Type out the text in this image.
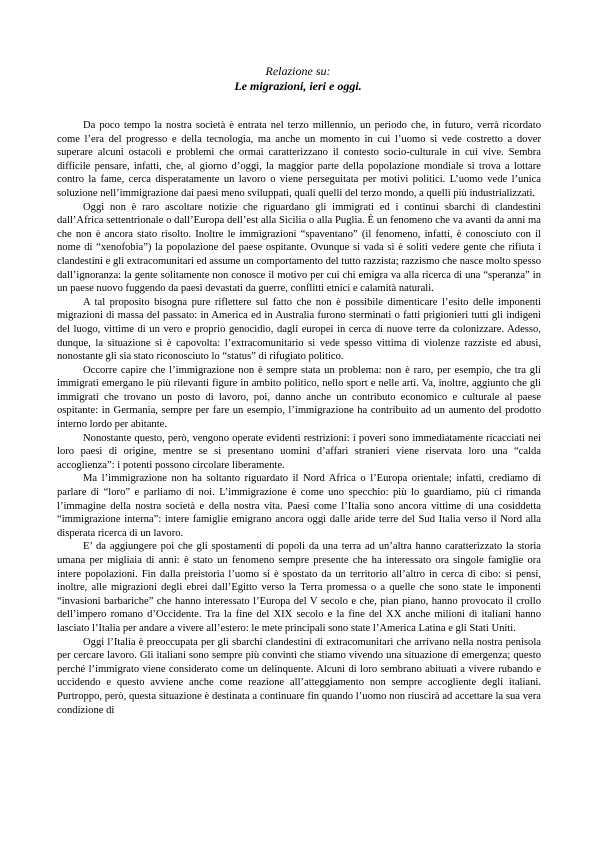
Relazione su:
Le migrazioni, ieri e oggi.

Da poco tempo la nostra società è entrata nel terzo millennio, un periodo che, in futuro, verrà ricordato come l’era del progresso e della tecnologia, ma anche un momento in cui l’uomo si vede costretto a dover superare alcuni ostacoli e problemi che ormai caratterizzano il contesto socio-culturale in cui vive. Sembra difficile pensare, infatti, che, al giorno d’oggi, la maggior parte della popolazione mondiale si trova a lottare contro la fame, cerca disperatamente un lavoro o viene perseguitata per motivi politici. L’uomo vede l’unica soluzione nell’immigrazione dai paesi meno sviluppati, quali quelli del terzo mondo, a quelli più industrializzati.

Oggi non è raro ascoltare notizie che riguardano gli immigrati ed i continui sbarchi di clandestini dall’Africa settentrionale o dall’Europa dell’est alla Sicilia o alla Puglia. È un fenomeno che va avanti da anni ma che non è ancora stato risolto. Inoltre le immigrazioni “spaventano” (il fenomeno, infatti, è conosciuto con il nome di “xenofobia”) la popolazione del paese ospitante. Ovunque si vada si è soliti vedere gente che rifiuta i clandestini e gli extracomunitari ed assume un comportamento del tutto razzista; razzismo che nasce molto spesso dall’ignoranza: la gente solitamente non conosce il motivo per cui chi emigra va alla ricerca di una “speranza” in un paese nuovo fuggendo da paesi devastati da guerre, conflitti etnici e calamità naturali.

A tal proposito bisogna pure riflettere sul fatto che non è possibile dimenticare l’esito delle imponenti migrazioni di massa del passato: in America ed in Australia furono sterminati o fatti prigionieri tutti gli indigeni del luogo, vittime di un vero e proprio genocidio, dagli europei in cerca di nuove terre da colonizzare. Adesso, dunque, la situazione si è capovolta: l’extracomunitario si vede spesso vittima di violenze razziste ed abusi, nonostante gli sia stato riconosciuto lo “status” di rifugiato politico.

Occorre capire che l’immigrazione non è sempre stata un problema: non è raro, per esempio, che tra gli immigrati emergano le più rilevanti figure in ambito politico, nello sport e nelle arti. Va, inoltre, aggiunto che gli immigrati che trovano un posto di lavoro, poi, danno anche un contributo economico e culturale al paese ospitante: in Germania, sempre per fare un esempio, l’immigrazione ha contribuito ad un aumento del prodotto interno lordo per abitante.

Nonostante questo, però, vengono operate evidenti restrizioni: i poveri sono immediatamente ricacciati nei loro paesi di origine, mentre se si presentano uomini d’affari stranieri viene riservata loro una “calda accoglienza”: i potenti possono circolare liberamente.

Ma l’immigrazione non ha soltanto riguardato il Nord Africa o l’Europa orientale; infatti, crediamo di parlare di “loro” e parliamo di noi. L’immigrazione è come uno specchio: più lo guardiamo, più ci rimanda l’immagine della nostra società e della nostra vita. Paesi come l’Italia sono ancora vittime di una cosiddetta “immigrazione interna”: intere famiglie emigrano ancora oggi dalle aride terre del Sud Italia verso il Nord alla disperata ricerca di un lavoro.

E’ da aggiungere poi che gli spostamenti di popoli da una terra ad un’altra hanno caratterizzato la storia umana per migliaia di anni: è stato un fenomeno sempre presente che ha interessato ora singole famiglie ora intere popolazioni. Fin dalla preistoria l’uomo si è spostato da un territorio all’altro in cerca di cibo: si pensi, inoltre, alle migrazioni degli ebrei dall’Egitto verso la Terra promessa o a quelle che sono state le imponenti “invasioni barbariche” che hanno interessato l’Europa del V secolo e che, pian piano, hanno provocato il crollo dell’impero romano d’Occidente. Tra la fine del XIX secolo e la fine del XX anche milioni di italiani hanno lasciato l’Italia per andare a vivere all’estero: le mete principali sono state l’America Latina e gli Stati Uniti.

Oggi l’Italia è preoccupata per gli sbarchi clandestini di extracomunitari che arrivano nella nostra penisola per cercare lavoro. Gli italiani sono sempre più convinti che stiamo vivendo una situazione di emergenza; questo perché l’immigrato viene considerato come un delinquente. Alcuni di loro sembrano abituati a vivere rubando e uccidendo e questo avviene anche come reazione all’atteggiamento non sempre accogliente degli italiani. Purtroppo, però, questa situazione è destinata a continuare fin quando l’uomo non riuscirà ad accettare la sua vera condizione di
